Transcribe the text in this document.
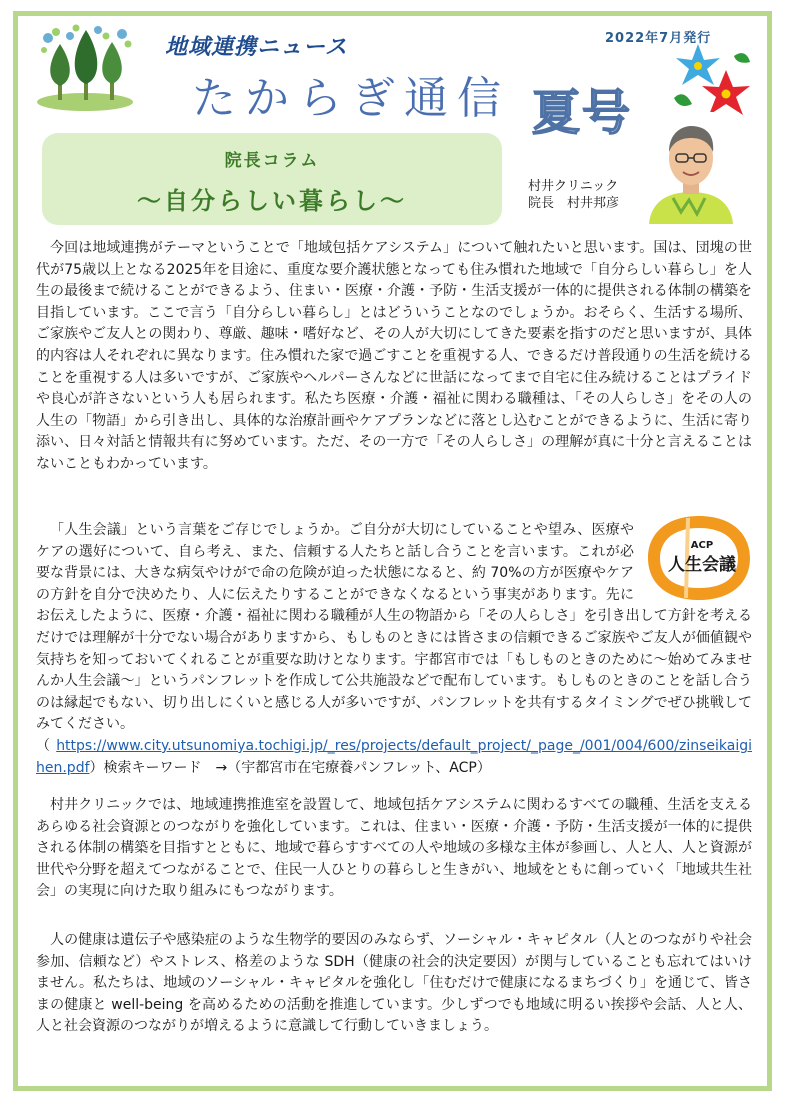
地域連携ニュース
たからぎ通信 夏号
2022年7月発行
院長コラム
～自分らしい暮らし～
村井クリニック
院長　村井邦彦

今回は地域連携がテーマということで「地域包括ケアシステム」について触れたいと思います。国は、団塊の世代が75歳以上となる2025年を目途に、重度な要介護状態となっても住み慣れた地域で「自分らしい暮らし」を人生の最後まで続けることができるよう、住まい・医療・介護・予防・生活支援が一体的に提供される体制の構築を目指しています。ここで言う「自分らしい暮らし」とはどういうことなのでしょうか。おそらく、生活する場所、ご家族やご友人との関わり、尊厳、趣味・嗜好など、その人が大切にしてきた要素を指すのだと思いますが、具体的内容は人それぞれに異なります。住み慣れた家で過ごすことを重視する人、できるだけ普段通りの生活を続けることを重視する人は多いですが、ご家族やヘルパーさんなどに世話になってまで自宅に住み続けることはプライドや良心が許さないという人も居られます。私たち医療・介護・福祉に関わる職種は、「その人らしさ」をその人の人生の「物語」から引き出し、具体的な治療計画やケアプランなどに落とし込むことができるように、生活に寄り添い、日々対話と情報共有に努めています。ただ、その一方で「その人らしさ」の理解が真に十分と言えることはないこともわかっています。

ACP
人生会議
「人生会議」という言葉をご存じでしょうか。ご自分が大切にしていることや望み、医療やケアの選好について、自ら考え、また、信頼する人たちと話し合うことを言います。これが必要な背景には、大きな病気やけがで命の危険が迫った状態になると、約 70%の方が医療やケアの方針を自分で決めたり、人に伝えたりすることができなくなるという事実があります。先にお伝えしたように、医療・介護・福祉に関わる職種が人生の物語から「その人らしさ」を引き出して方針を考えるだけでは理解が十分でない場合がありますから、もしものときには皆さまの信頼できるご家族やご友人が価値観や気持ちを知っておいてくれることが重要な助けとなります。宇都宮市では「もしものときのために～始めてみませんか人生会議～」というパンフレットを作成して公共施設などで配布しています。もしものときのことを話し合うのは縁起でもない、切り出しにくいと感じる人が多いですが、パンフレットを共有するタイミングでぜひ挑戦してみてください。
（https://www.city.utsunomiya.tochigi.jp/_res/projects/default_project/_page_/001/004/600/zinseikaigihen.pdf）検索キーワード　→（宇都宮市在宅療養パンフレット、ACP）

村井クリニックでは、地域連携推進室を設置して、地域包括ケアシステムに関わるすべての職種、生活を支えるあらゆる社会資源とのつながりを強化しています。これは、住まい・医療・介護・予防・生活支援が一体的に提供される体制の構築を目指すとともに、地域で暮らすすべての人や地域の多様な主体が参画し、人と人、人と資源が世代や分野を超えてつながることで、住民一人ひとりの暮らしと生きがい、地域をともに創っていく「地域共生社会」の実現に向けた取り組みにもつながります。

人の健康は遺伝子や感染症のような生物学的要因のみならず、ソーシャル・キャピタル（人とのつながりや社会参加、信頼など）やストレス、格差のような SDH（健康の社会的決定要因）が関与していることも忘れてはいけません。私たちは、地域のソーシャル・キャピタルを強化し「住むだけで健康になるまちづくり」を通じて、皆さまの健康と well-being を高めるための活動を推進しています。少しずつでも地域に明るい挨拶や会話、人と人、人と社会資源のつながりが増えるように意識して行動していきましょう。
